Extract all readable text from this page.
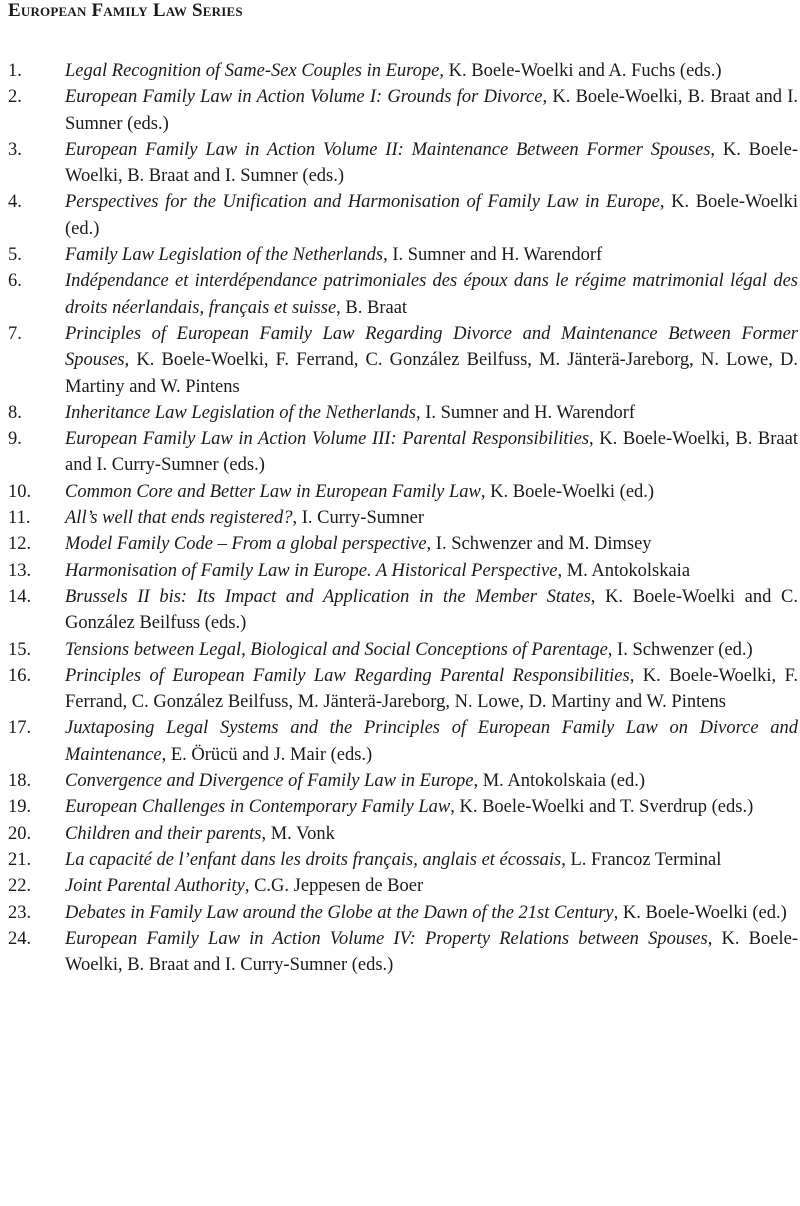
European Family Law Series
1.	Legal Recognition of Same-Sex Couples in Europe, K. Boele-Woelki and A. Fuchs (eds.)
2.	European Family Law in Action Volume I: Grounds for Divorce, K. Boele-Woelki, B. Braat and I. Sumner (eds.)
3.	European Family Law in Action Volume II: Maintenance Between Former Spouses, K. Boele-Woelki, B. Braat and I. Sumner (eds.)
4.	Perspectives for the Unification and Harmonisation of Family Law in Europe, K. Boele-Woelki (ed.)
5.	Family Law Legislation of the Netherlands, I. Sumner and H. Warendorf
6.	Indépendance et interdépendance patrimoniales des époux dans le régime matrimonial légal des droits néerlandais, français et suisse, B. Braat
7.	Principles of European Family Law Regarding Divorce and Maintenance Between Former Spouses, K. Boele-Woelki, F. Ferrand, C. González Beilfuss, M. Jänterä-Jareborg, N. Lowe, D. Martiny and W. Pintens
8.	Inheritance Law Legislation of the Netherlands, I. Sumner and H. Warendorf
9.	European Family Law in Action Volume III: Parental Responsibilities, K. Boele-Woelki, B. Braat and I. Curry-Sumner (eds.)
10.	Common Core and Better Law in European Family Law, K. Boele-Woelki (ed.)
11.	All’s well that ends registered?, I. Curry-Sumner
12.	Model Family Code – From a global perspective, I. Schwenzer and M. Dimsey
13.	Harmonisation of Family Law in Europe. A Historical Perspective, M. Antokolskaia
14.	Brussels II bis: Its Impact and Application in the Member States, K. Boele-Woelki and C. González Beilfuss (eds.)
15.	Tensions between Legal, Biological and Social Conceptions of Parentage, I. Schwenzer (ed.)
16.	Principles of European Family Law Regarding Parental Responsibilities, K. Boele-Woelki, F. Ferrand, C. González Beilfuss, M. Jänterä-Jareborg, N. Lowe, D. Martiny and W. Pintens
17.	Juxtaposing Legal Systems and the Principles of European Family Law on Divorce and Maintenance, E. Örücü and J. Mair (eds.)
18.	Convergence and Divergence of Family Law in Europe, M. Antokolskaia (ed.)
19.	European Challenges in Contemporary Family Law, K. Boele-Woelki and T. Sverdrup (eds.)
20.	Children and their parents, M. Vonk
21.	La capacité de l’enfant dans les droits français, anglais et écossais, L. Francoz Terminal
22.	Joint Parental Authority, C.G. Jeppesen de Boer
23.	Debates in Family Law around the Globe at the Dawn of the 21st Century, K. Boele-Woelki (ed.)
24.	European Family Law in Action Volume IV: Property Relations between Spouses, K. Boele-Woelki, B. Braat and I. Curry-Sumner (eds.)
